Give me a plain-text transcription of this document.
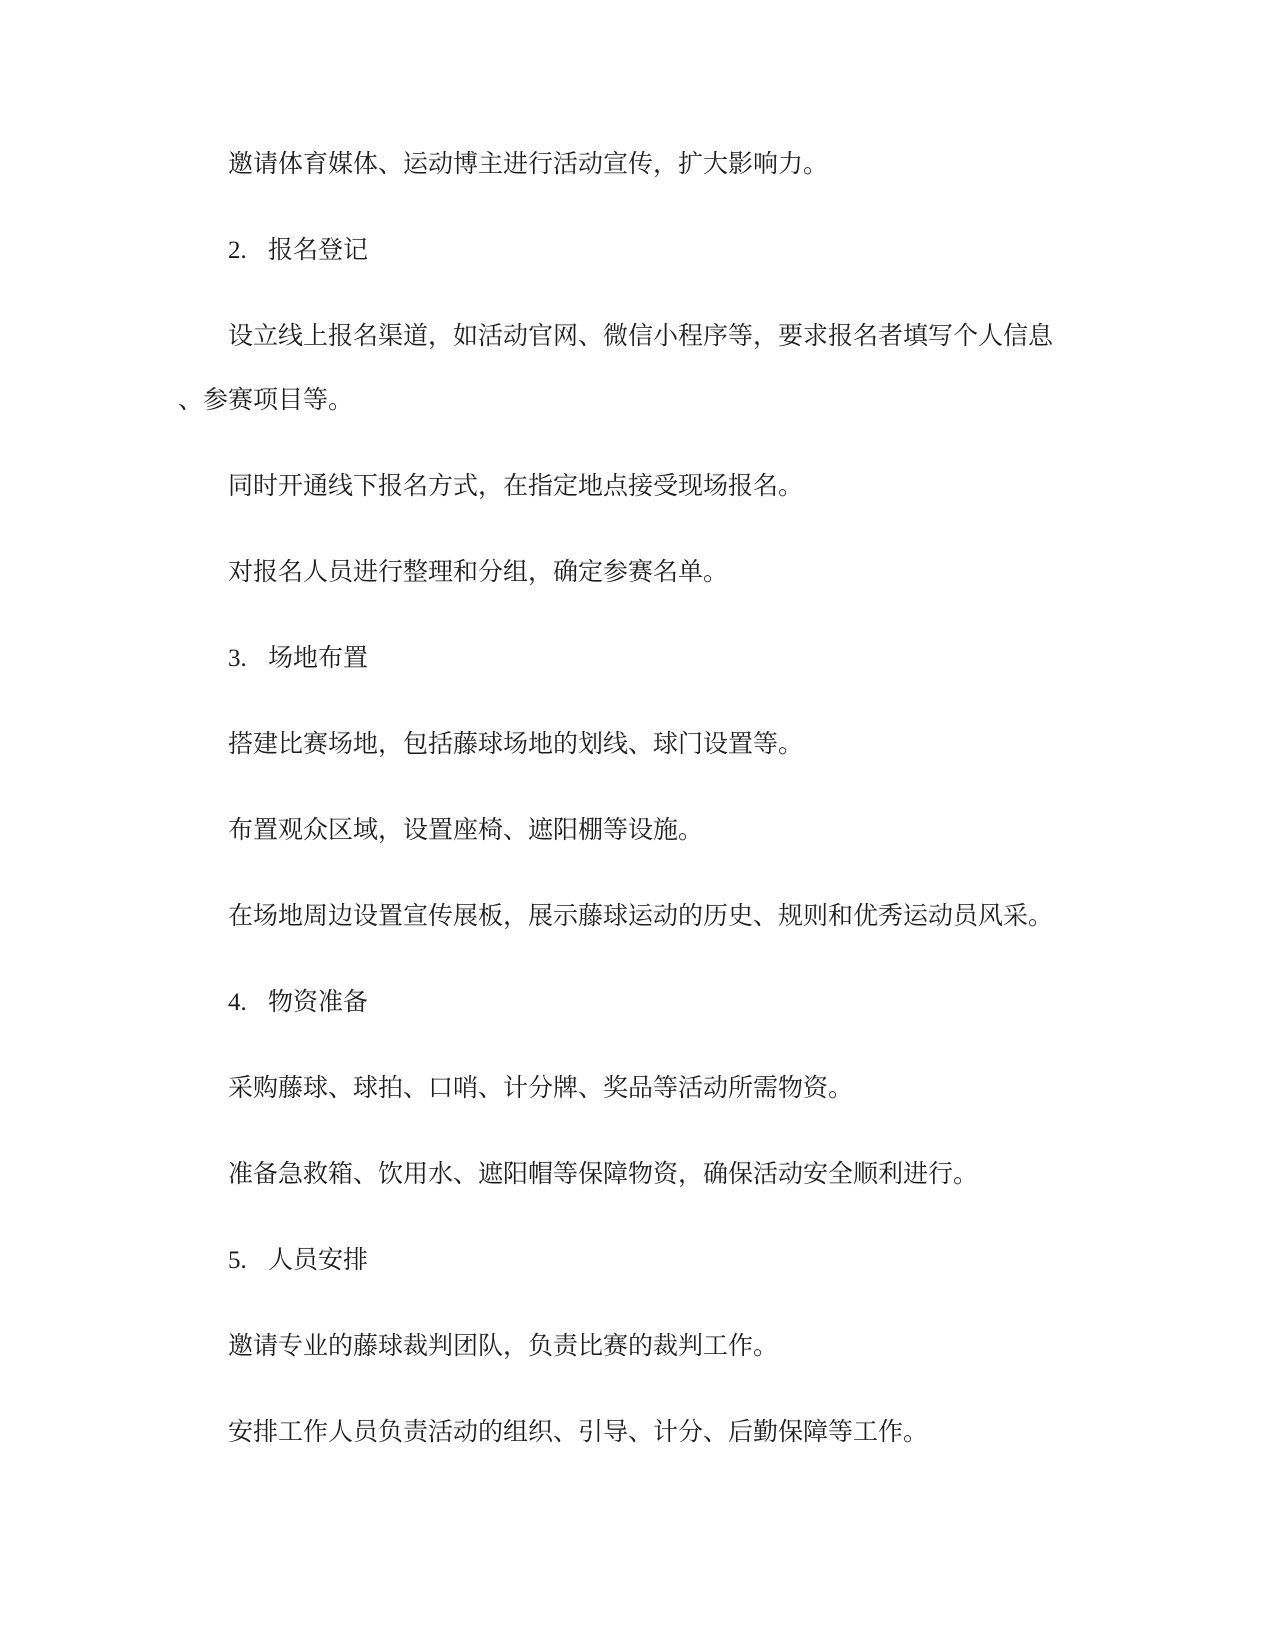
邀请体育媒体、运动博主进行活动宣传，扩大影响力。

2. 报名登记

设立线上报名渠道，如活动官网、微信小程序等，要求报名者填写个人信息

、参赛项目等。

同时开通线下报名方式，在指定地点接受现场报名。

对报名人员进行整理和分组，确定参赛名单。

3. 场地布置

搭建比赛场地，包括藤球场地的划线、球门设置等。

布置观众区域，设置座椅、遮阳棚等设施。

在场地周边设置宣传展板，展示藤球运动的历史、规则和优秀运动员风采。

4. 物资准备

采购藤球、球拍、口哨、计分牌、奖品等活动所需物资。

准备急救箱、饮用水、遮阳帽等保障物资，确保活动安全顺利进行。

5. 人员安排

邀请专业的藤球裁判团队，负责比赛的裁判工作。

安排工作人员负责活动的组织、引导、计分、后勤保障等工作。
